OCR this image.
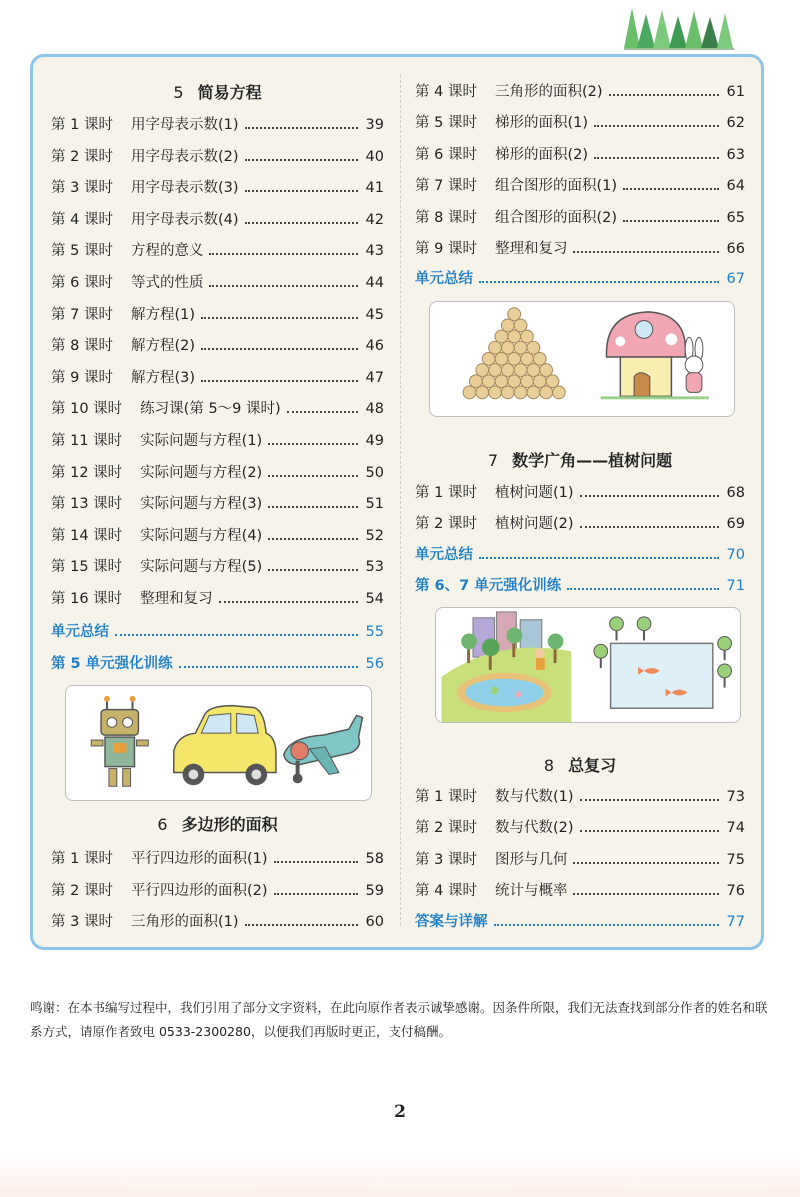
5 简易方程
第 1 课时 用字母表示数(1)	39
第 2 课时 用字母表示数(2)	40
第 3 课时 用字母表示数(3)	41
第 4 课时 用字母表示数(4)	42
第 5 课时 方程的意义	43
第 6 课时 等式的性质	44
第 7 课时 解方程(1)	45
第 8 课时 解方程(2)	46
第 9 课时 解方程(3)	47
第 10 课时 练习课(第 5～9 课时)	48
第 11 课时 实际问题与方程(1)	49
第 12 课时 实际问题与方程(2)	50
第 13 课时 实际问题与方程(3)	51
第 14 课时 实际问题与方程(4)	52
第 15 课时 实际问题与方程(5)	53
第 16 课时 整理和复习	54
单元总结	55
第 5 单元强化训练	56
6 多边形的面积
第 1 课时 平行四边形的面积(1)	58
第 2 课时 平行四边形的面积(2)	59
第 3 课时 三角形的面积(1)	60
第 4 课时 三角形的面积(2)	61
第 5 课时 梯形的面积(1)	62
第 6 课时 梯形的面积(2)	63
第 7 课时 组合图形的面积(1)	64
第 8 课时 组合图形的面积(2)	65
第 9 课时 整理和复习	66
单元总结	67
7 数学广角——植树问题
第 1 课时 植树问题(1)	68
第 2 课时 植树问题(2)	69
单元总结	70
第 6、7 单元强化训练	71
8 总复习
第 1 课时 数与代数(1)	73
第 2 课时 数与代数(2)	74
第 3 课时 图形与几何	75
第 4 课时 统计与概率	76
答案与详解	77
鸣谢：在本书编写过程中，我们引用了部分文字资料，在此向原作者表示诚挚感谢。因条件所限，我们无法查找到部分作者的姓名和联系方式，请原作者致电 0533-2300280，以便我们再版时更正，支付稿酬。
2
